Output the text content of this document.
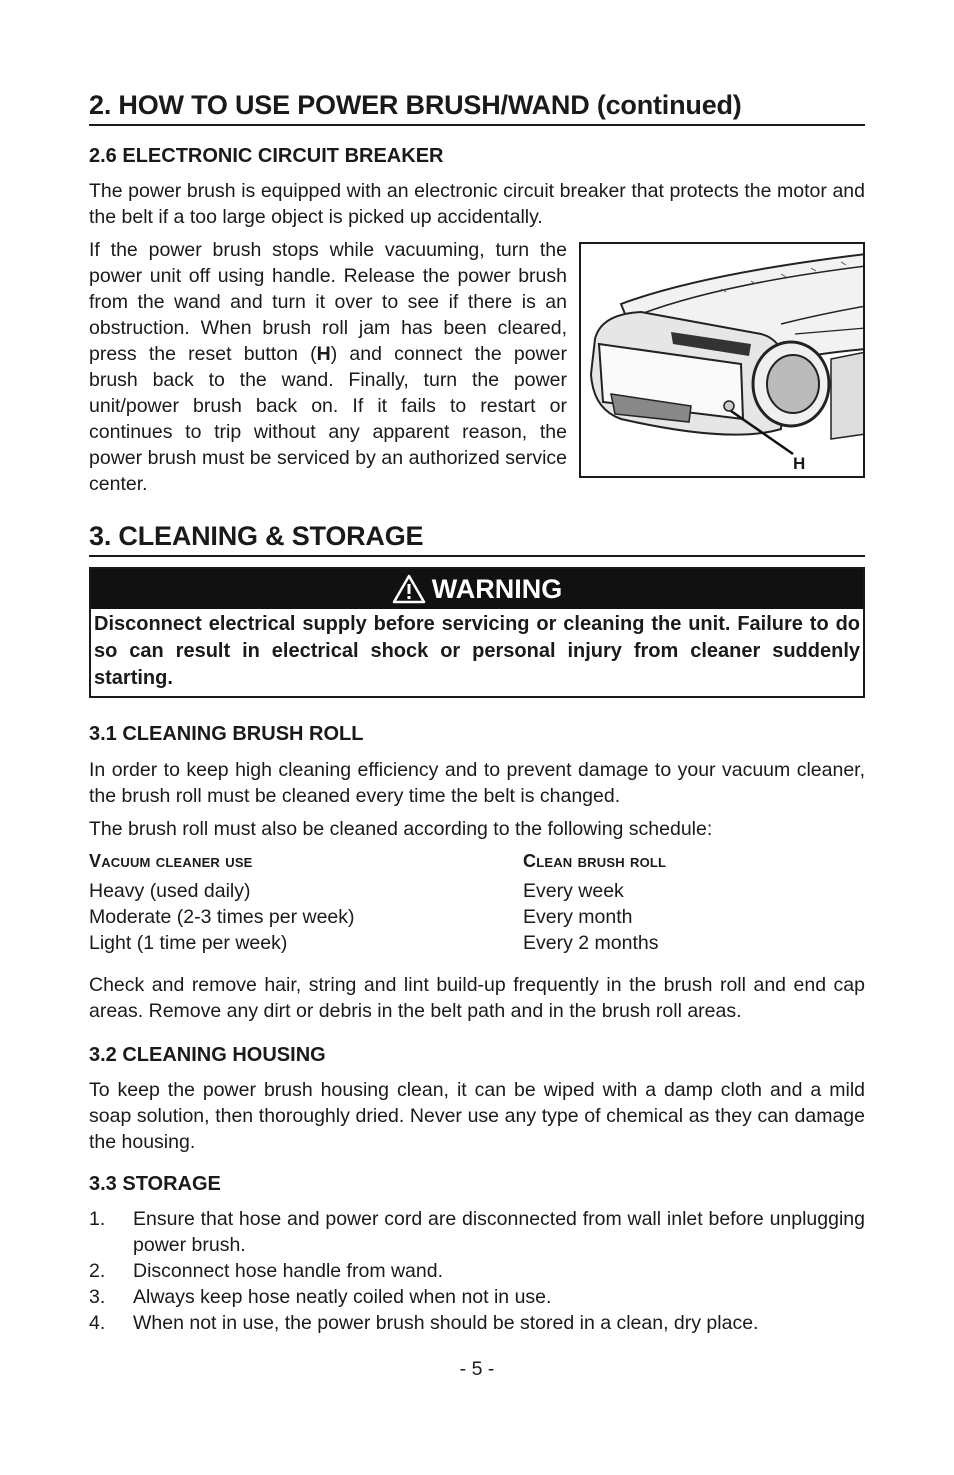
2. HOW TO USE POWER BRUSH/WAND (continued)
2.6 ELECTRONIC CIRCUIT BREAKER
The power brush is equipped with an electronic circuit breaker that protects the motor and the belt if a too large object is picked up accidentally.
If the power brush stops while vacuuming, turn the power unit off using handle. Release the power brush from the wand and turn it over to see if there is an obstruction. When brush roll jam has been cleared, press the reset button (H) and connect the power brush back to the wand. Finally, turn the power unit/power brush back on. If it fails to restart or continues to trip without any apparent reason, the power brush must be serviced by an authorized service center.
H
3. CLEANING & STORAGE
WARNING
Disconnect electrical supply before servicing or cleaning the unit. Failure to do so can result in electrical shock or personal injury from cleaner suddenly starting.
3.1 CLEANING BRUSH ROLL
In order to keep high cleaning efficiency and to prevent damage to your vacuum cleaner, the brush roll must be cleaned every time the belt is changed.
The brush roll must also be cleaned according to the following schedule:
Vacuum cleaner use	Clean brush roll
Heavy (used daily)	Every week
Moderate (2-3 times per week)	Every month
Light (1 time per week)	Every 2 months
Check and remove hair, string and lint build-up frequently in the brush roll and end cap areas. Remove any dirt or debris in the belt path and in the brush roll areas.
3.2 CLEANING HOUSING
To keep the power brush housing clean, it can be wiped with a damp cloth and a mild soap solution, then thoroughly dried. Never use any type of chemical as they can damage the housing.
3.3 STORAGE
1. Ensure that hose and power cord are disconnected from wall inlet before unplugging power brush.
2. Disconnect hose handle from wand.
3. Always keep hose neatly coiled when not in use.
4. When not in use, the power brush should be stored in a clean, dry place.
- 5 -
